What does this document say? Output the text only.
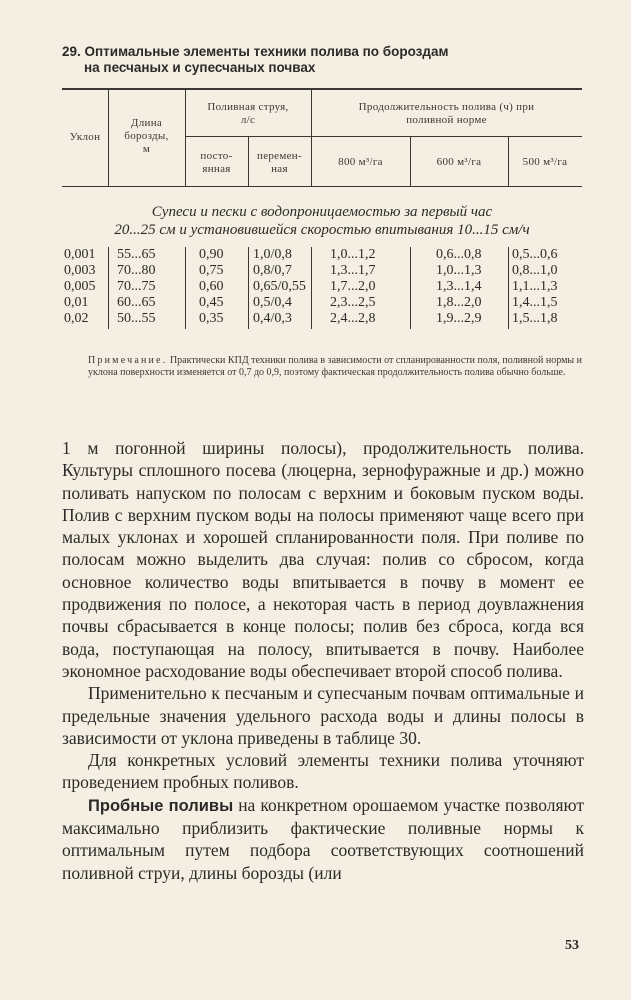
29. Оптимальные элементы техники полива по бороздам
на песчаных и супесчаных почвах
Уклон
Длина
борозды,
м
Поливная струя,
л/с
посто-
янная
перемен-
ная
Продолжительность полива (ч) при
поливной норме
800 м³/га	600 м³/га	500 м³/га
Супеси и пески с водопроницаемостью за первый час
20...25 см и установившейся скоростью впитывания 10...15 см/ч
0,001
0,003
0,005
0,01
0,02
55...65
70...80
70...75
60...65
50...55
0,90
0,75
0,60
0,45
0,35
1,0/0,8
0,8/0,7
0,65/0,55
0,5/0,4
0,4/0,3
1,0...1,2
1,3...1,7
1,7...2,0
2,3...2,5
2,4...2,8
0,6...0,8
1,0...1,3
1,3...1,4
1,8...2,0
1,9...2,9
0,5...0,6
0,8...1,0
1,1...1,3
1,4...1,5
1,5...1,8
Примечание. Практически КПД техники полива в зависимости от спланированности поля, поливной нормы и уклона поверхности изменяется от 0,7 до 0,9, поэтому фактическая продолжительность полива обычно больше.

1 м погонной ширины полосы), продолжительность полива. Культуры сплошного посева (люцерна, зернофуражные и др.) можно поливать напуском по полосам с верхним и боковым пуском воды. Полив с верхним пуском воды на полосы применяют чаще всего при малых уклонах и хорошей спланированности поля. При поливе по полосам можно выделить два случая: полив со сбросом, когда основное количество воды впитывается в почву в момент ее продвижения по полосе, а некоторая часть в период доувлажнения почвы сбрасывается в конце полосы; полив без сброса, когда вся вода, поступающая на полосу, впитывается в почву. Наиболее экономное расходование воды обеспечивает второй способ полива.

Применительно к песчаным и супесчаным почвам оптимальные и предельные значения удельного расхода воды и длины полосы в зависимости от уклона приведены в таблице 30.

Для конкретных условий элементы техники полива уточняют проведением пробных поливов.

Пробные поливы на конкретном орошаемом участке позволяют максимально приблизить фактические поливные нормы к оптимальным путем подбора соответствующих соотношений поливной струи, длины борозды (или

53
